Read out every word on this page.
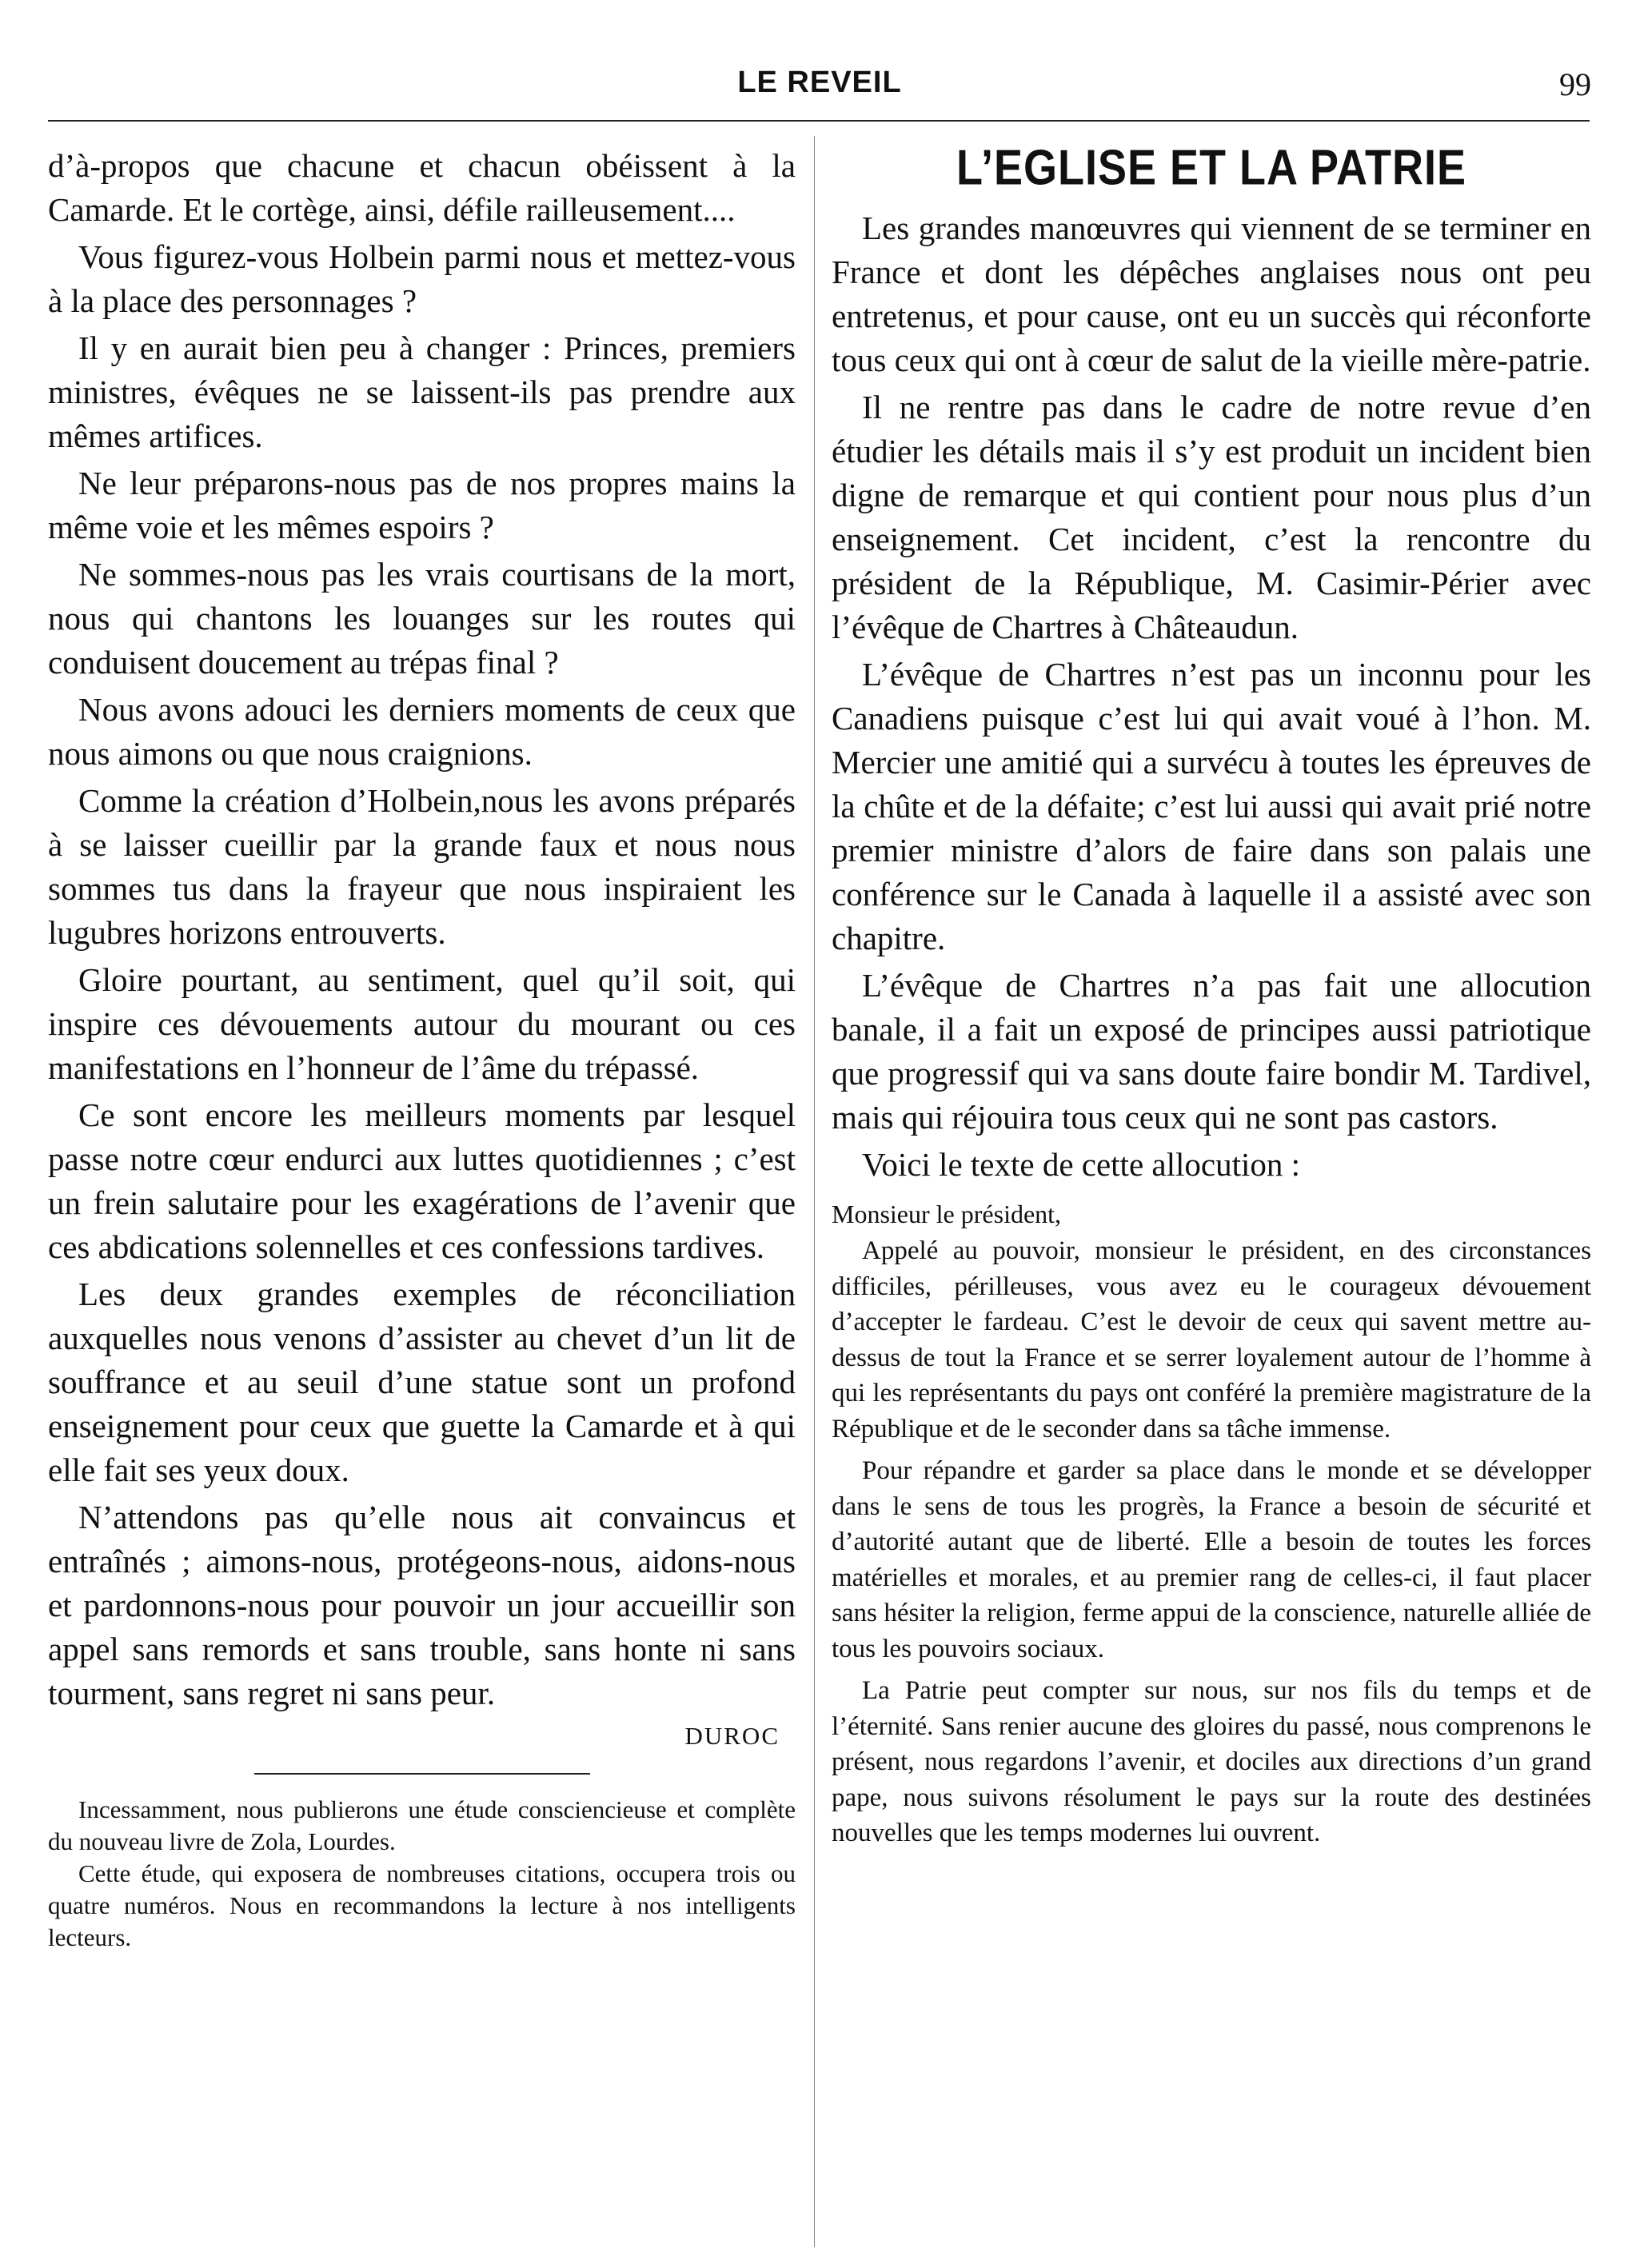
LE REVEIL	99

d’à-propos que chacune et chacun obéissent à la Camarde. Et le cortège, ainsi, défile railleusement....

Vous figurez-vous Holbein parmi nous et mettez-vous à la place des personnages ?

Il y en aurait bien peu à changer : Princes, premiers ministres, évêques ne se laissent-ils pas prendre aux mêmes artifices.

Ne leur préparons-nous pas de nos propres mains la même voie et les mêmes espoirs ?

Ne sommes-nous pas les vrais courtisans de la mort, nous qui chantons les louanges sur les routes qui conduisent doucement au trépas final ?

Nous avons adouci les derniers moments de ceux que nous aimons ou que nous craignions.

Comme la création d’Holbein,nous les avons préparés à se laisser cueillir par la grande faux et nous nous sommes tus dans la frayeur que nous inspiraient les lugubres horizons entrouverts.

Gloire pourtant, au sentiment, quel qu’il soit, qui inspire ces dévouements autour du mourant ou ces manifestations en l’honneur de l’âme du trépassé.

Ce sont encore les meilleurs moments par lesquel passe notre cœur endurci aux luttes quotidiennes ; c’est un frein salutaire pour les exagérations de l’avenir que ces abdications solennelles et ces confessions tardives.

Les deux grandes exemples de réconciliation auxquelles nous venons d’assister au chevet d’un lit de souffrance et au seuil d’une statue sont un profond enseignement pour ceux que guette la Camarde et à qui elle fait ses yeux doux.

N’attendons pas qu’elle nous ait convaincus et entraînés ; aimons-nous, protégeons-nous, aidons-nous et pardonnons-nous pour pouvoir un jour accueillir son appel sans remords et sans trouble, sans honte ni sans tourment, sans regret ni sans peur.

DUROC

Incessamment, nous publierons une étude consciencieuse et complète du nouveau livre de Zola, Lourdes.

Cette étude, qui exposera de nombreuses citations, occupera trois ou quatre numéros. Nous en recommandons la lecture à nos intelligents lecteurs.

L’EGLISE ET LA PATRIE

Les grandes manœuvres qui viennent de se terminer en France et dont les dépêches anglaises nous ont peu entretenus, et pour cause, ont eu un succès qui réconforte tous ceux qui ont à cœur de salut de la vieille mère-patrie.

Il ne rentre pas dans le cadre de notre revue d’en étudier les détails mais il s’y est produit un incident bien digne de remarque et qui contient pour nous plus d’un enseignement. Cet incident, c’est la rencontre du président de la République, M. Casimir-Périer avec l’évêque de Chartres à Châteaudun.

L’évêque de Chartres n’est pas un inconnu pour les Canadiens puisque c’est lui qui avait voué à l’hon. M. Mercier une amitié qui a survécu à toutes les épreuves de la chûte et de la défaite; c’est lui aussi qui avait prié notre premier ministre d’alors de faire dans son palais une conférence sur le Canada à laquelle il a assisté avec son chapitre.

L’évêque de Chartres n’a pas fait une allocution banale, il a fait un exposé de principes aussi patriotique que progressif qui va sans doute faire bondir M. Tardivel, mais qui réjouira tous ceux qui ne sont pas castors.

Voici le texte de cette allocution :

Monsieur le président,

Appelé au pouvoir, monsieur le président, en des circonstances difficiles, périlleuses, vous avez eu le courageux dévouement d’accepter le fardeau. C’est le devoir de ceux qui savent mettre au-dessus de tout la France et se serrer loyalement autour de l’homme à qui les représentants du pays ont conféré la première magistrature de la République et de le seconder dans sa tâche immense.

Pour répandre et garder sa place dans le monde et se développer dans le sens de tous les progrès, la France a besoin de sécurité et d’autorité autant que de liberté. Elle a besoin de toutes les forces matérielles et morales, et au premier rang de celles-ci, il faut placer sans hésiter la religion, ferme appui de la conscience, naturelle alliée de tous les pouvoirs sociaux.

La Patrie peut compter sur nous, sur nos fils du temps et de l’éternité. Sans renier aucune des gloires du passé, nous comprenons le présent, nous regardons l’avenir, et dociles aux directions d’un grand pape, nous suivons résolument le pays sur la route des destinées nouvelles que les temps modernes lui ouvrent.
